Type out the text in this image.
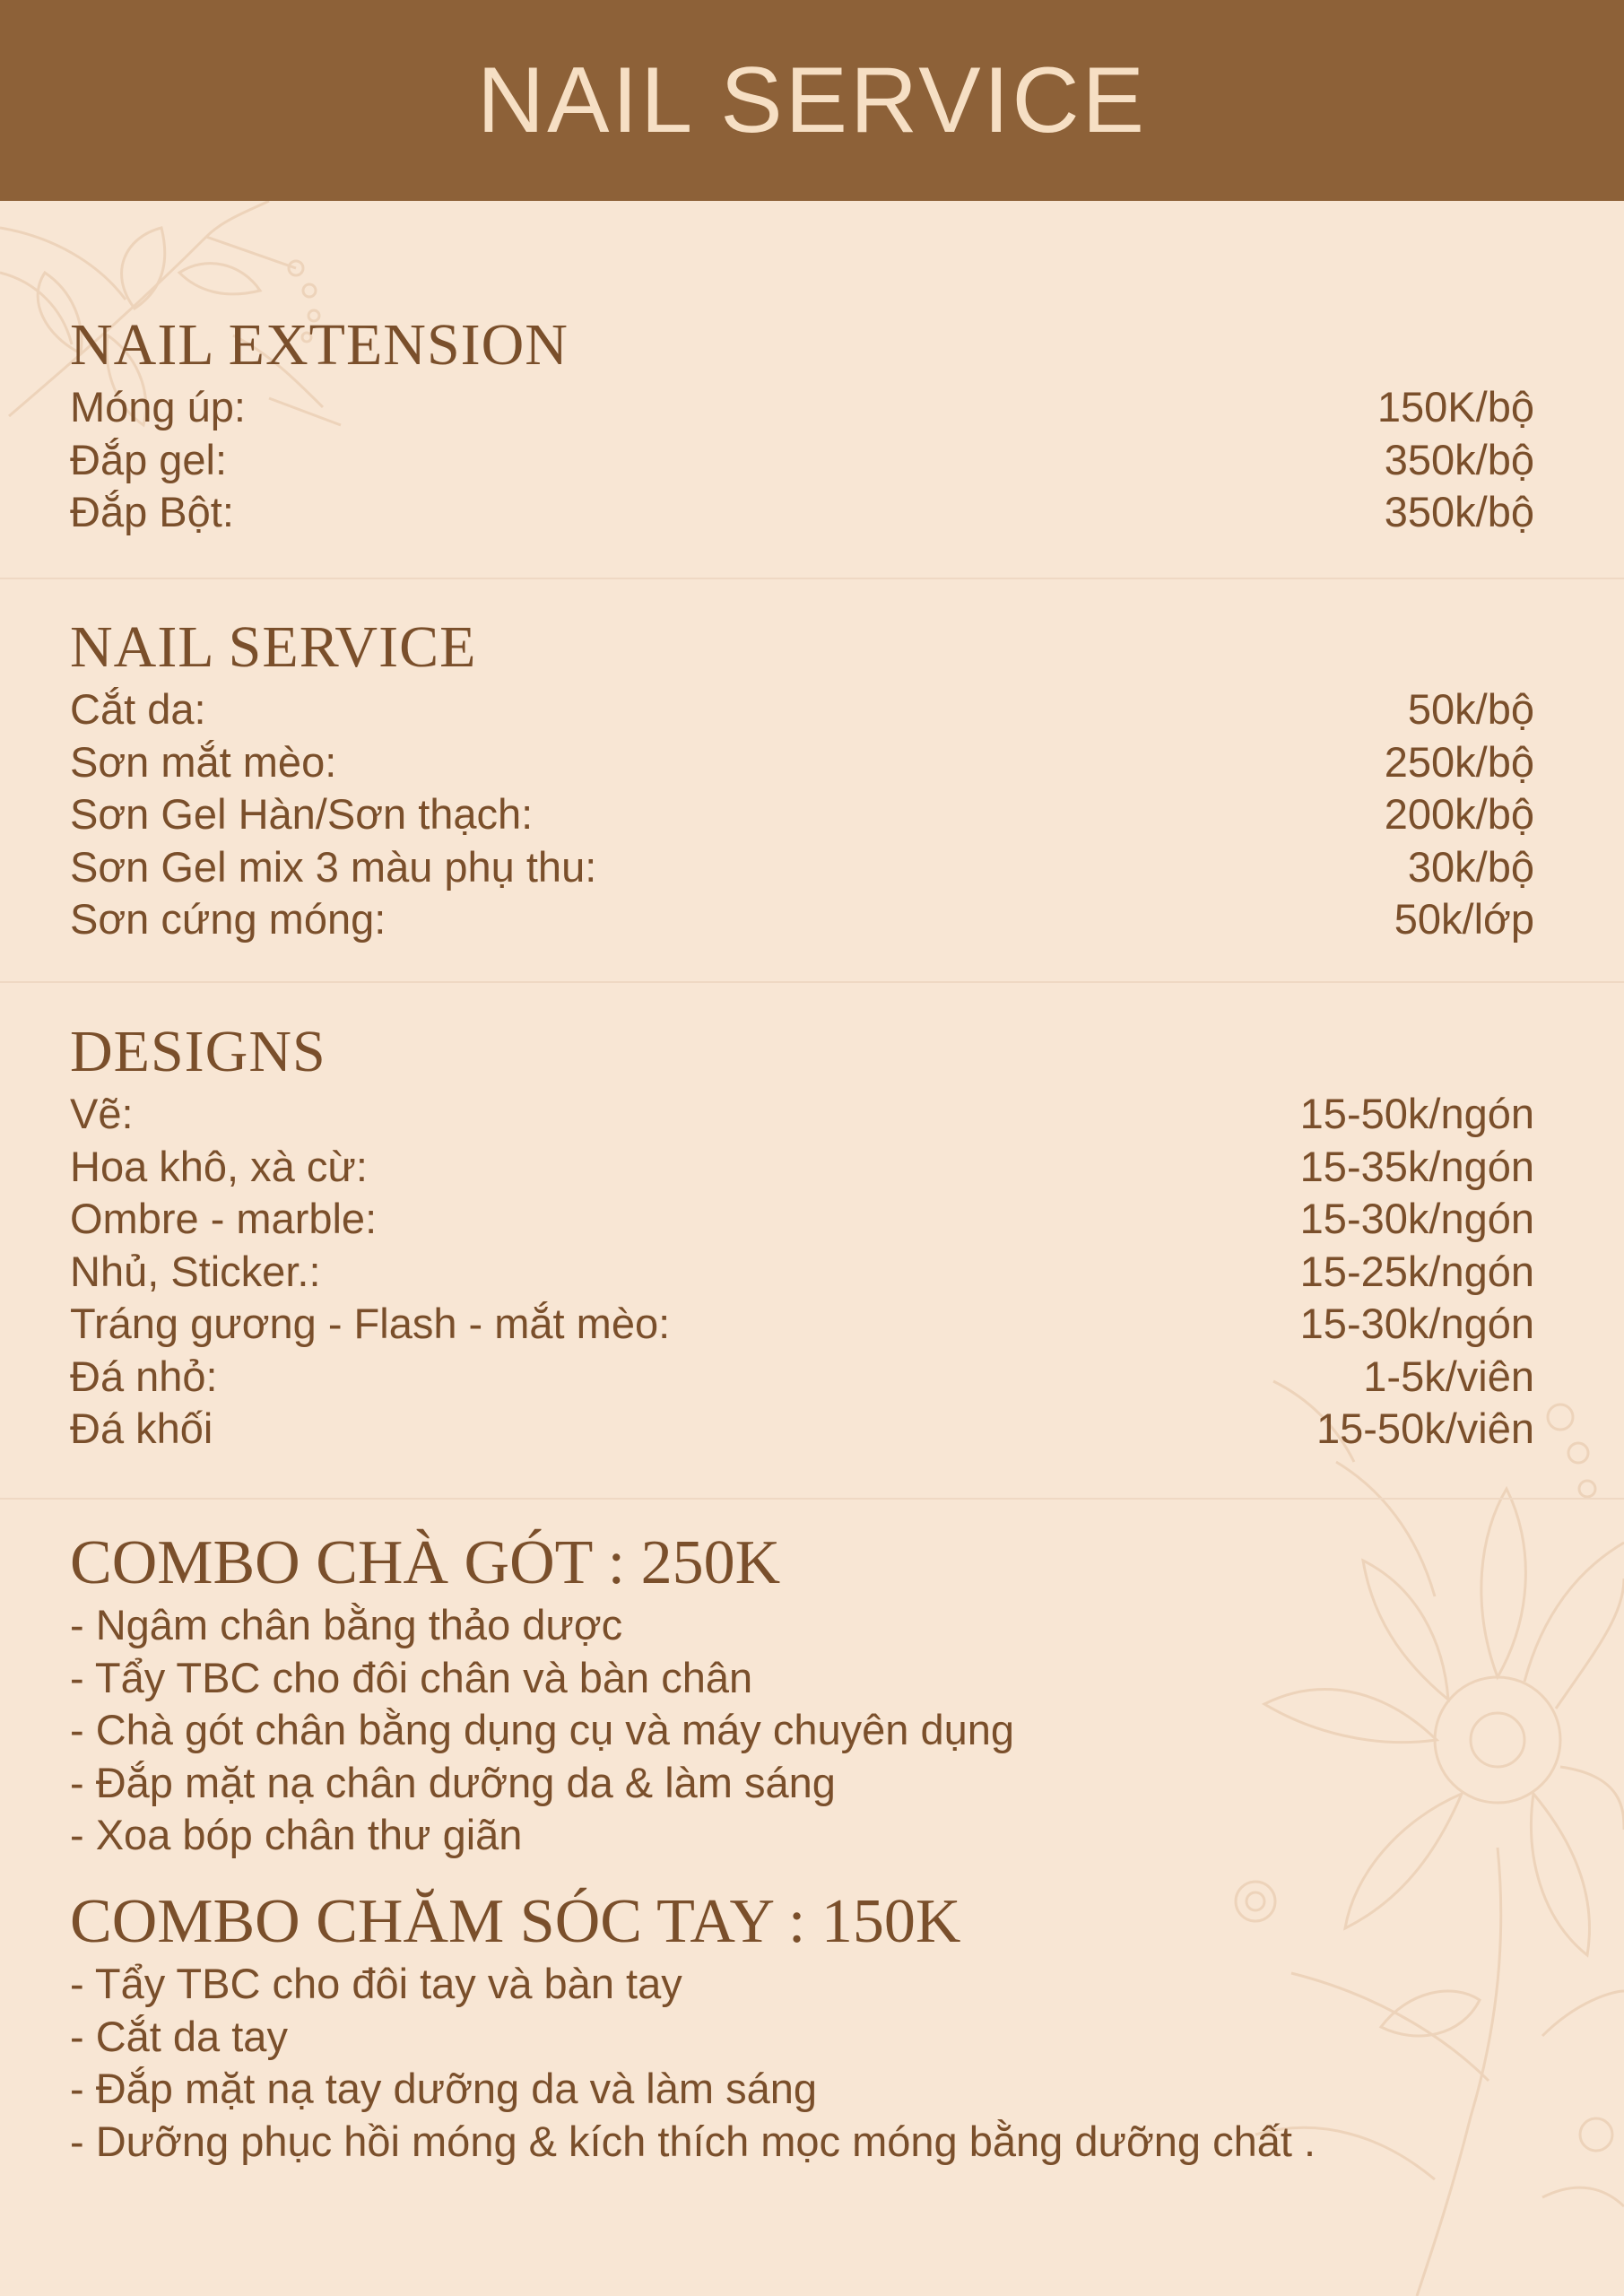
NAIL SERVICE
NAIL EXTENSION
Móng úp:	150K/bộ
Đắp gel:	350k/bộ
Đắp Bột:	350k/bộ
NAIL SERVICE
Cắt da:	50k/bộ
Sơn mắt mèo:	250k/bộ
Sơn Gel Hàn/Sơn thạch:	200k/bộ
Sơn Gel mix 3 màu phụ thu:	30k/bộ
Sơn cứng móng:	50k/lớp
DESIGNS
Vẽ:	15-50k/ngón
Hoa khô, xà cừ:	15-35k/ngón
Ombre - marble:	15-30k/ngón
Nhủ, Sticker.:	15-25k/ngón
Tráng gương - Flash - mắt mèo:	15-30k/ngón
Đá nhỏ:	1-5k/viên
Đá khối	15-50k/viên
COMBO CHÀ GÓT : 250K
- Ngâm chân bằng thảo dược
- Tẩy TBC cho đôi chân và bàn chân
- Chà gót chân bằng dụng cụ và máy chuyên dụng
- Đắp mặt nạ chân dưỡng da & làm sáng
- Xoa bóp chân thư giãn
COMBO CHĂM SÓC TAY : 150K
- Tẩy TBC cho đôi tay và bàn tay
- Cắt da tay
- Đắp mặt nạ tay dưỡng da và làm sáng
- Dưỡng phục hồi móng & kích thích mọc móng bằng dưỡng chất .
